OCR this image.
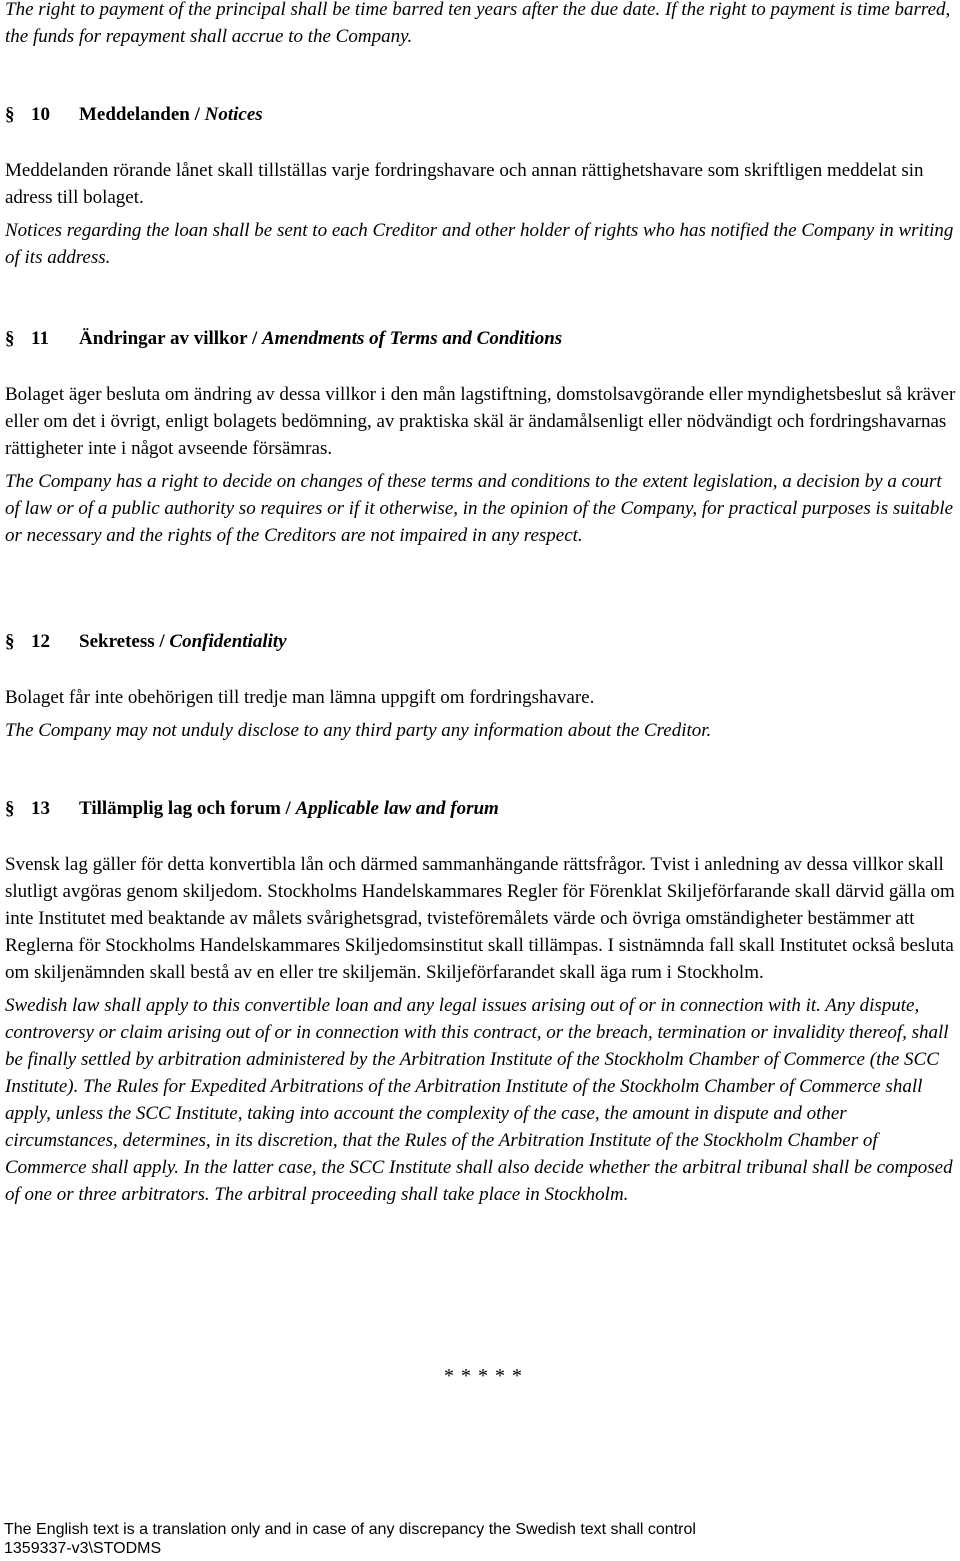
The right to payment of the principal shall be time barred ten years after the due date. If the right to payment is time barred, the funds for repayment shall accrue to the Company.

§ 10 Meddelanden / Notices

Meddelanden rörande lånet skall tillställas varje fordringshavare och annan rättighetshavare som skriftligen meddelat sin adress till bolaget.

Notices regarding the loan shall be sent to each Creditor and other holder of rights who has notified the Company in writing of its address.

§ 11 Ändringar av villkor / Amendments of Terms and Conditions

Bolaget äger besluta om ändring av dessa villkor i den mån lagstiftning, domstolsavgörande eller myndighetsbeslut så kräver eller om det i övrigt, enligt bolagets bedömning, av praktiska skäl är ändamålsenligt eller nödvändigt och fordringshavarnas rättigheter inte i något avseende försämras.

The Company has a right to decide on changes of these terms and conditions to the extent legislation, a decision by a court of law or of a public authority so requires or if it otherwise, in the opinion of the Company, for practical purposes is suitable or necessary and the rights of the Creditors are not impaired in any respect.

§ 12 Sekretess / Confidentiality

Bolaget får inte obehörigen till tredje man lämna uppgift om fordringshavare.

The Company may not unduly disclose to any third party any information about the Creditor.

§ 13 Tillämplig lag och forum / Applicable law and forum

Svensk lag gäller för detta konvertibla lån och därmed sammanhängande rättsfrågor. Tvist i anledning av dessa villkor skall slutligt avgöras genom skiljedom. Stockholms Handelskammares Regler för Förenklat Skiljeförfarande skall därvid gälla om inte Institutet med beaktande av målets svårighetsgrad, tvisteföremålets värde och övriga omständigheter bestämmer att Reglerna för Stockholms Handelskammares Skiljedomsinstitut skall tillämpas. I sistnämnda fall skall Institutet också besluta om skiljenämnden skall bestå av en eller tre skiljemän. Skiljeförfarandet skall äga rum i Stockholm.

Swedish law shall apply to this convertible loan and any legal issues arising out of or in connection with it. Any dispute, controversy or claim arising out of or in connection with this contract, or the breach, termination or invalidity thereof, shall be finally settled by arbitration administered by the Arbitration Institute of the Stockholm Chamber of Commerce (the SCC Institute). The Rules for Expedited Arbitrations of the Arbitration Institute of the Stockholm Chamber of Commerce shall apply, unless the SCC Institute, taking into account the complexity of the case, the amount in dispute and other circumstances, determines, in its discretion, that the Rules of the Arbitration Institute of the Stockholm Chamber of Commerce shall apply. In the latter case, the SCC Institute shall also decide whether the arbitral tribunal shall be composed of one or three arbitrators. The arbitral proceeding shall take place in Stockholm.

* * * * *
The English text is a translation only and in case of any discrepancy the Swedish text shall control
1359337-v3\STODMS
